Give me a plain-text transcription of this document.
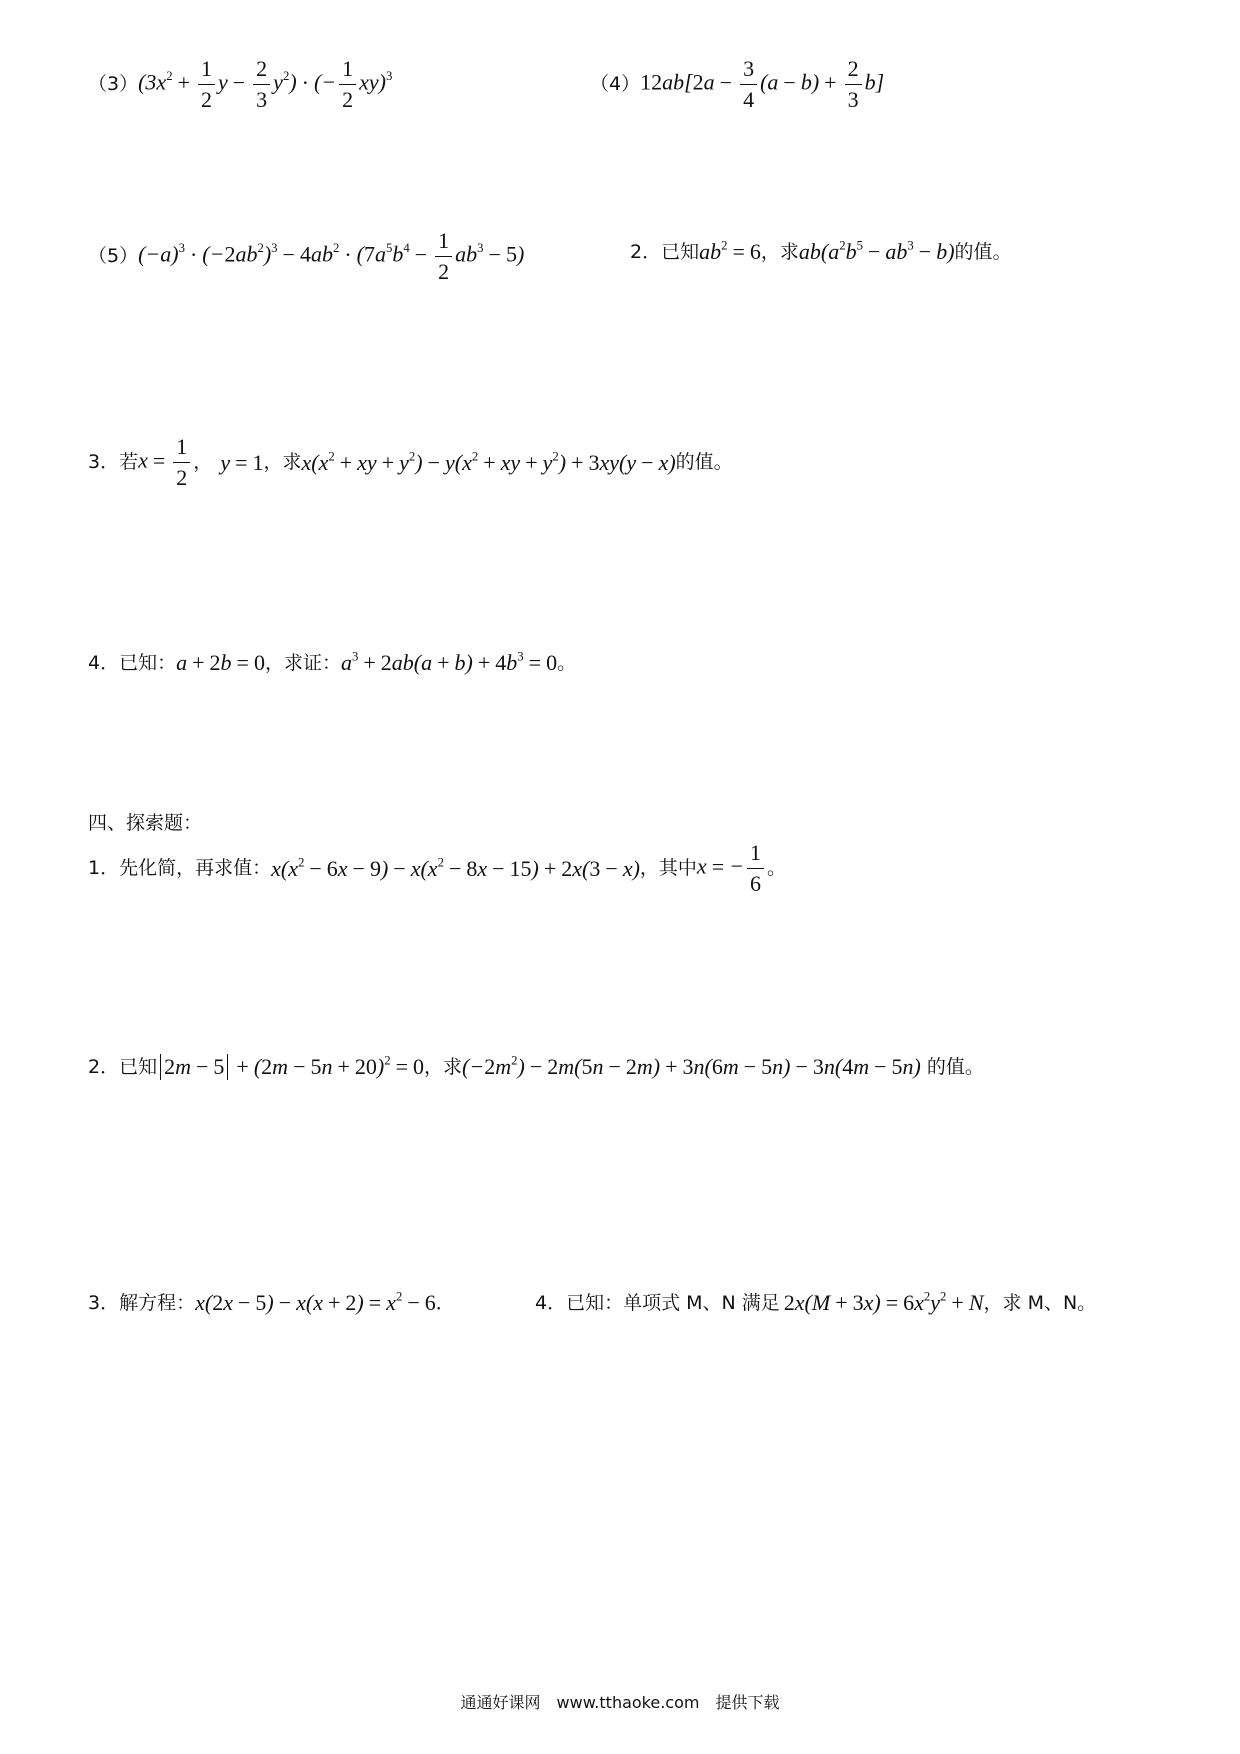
（3） ($3x^2 + \frac{1}{2}$ $y - \frac{2}{3} y^2$) · (− $\frac{1}{2} xy)^3$	（4） $12ab[2a - \frac{3}{4} (a - b) + \frac{2}{3} b]$
（5） $(-a)^3 \cdot (-2ab^2)^3 - 4ab^2 \cdot (7a^5b^4 - \frac{1}{2} ab^3 - 5)$	2． 已知 $ab^2 = 6$ ，求 $ab(a^2b^5 - ab^3 - b)$ 的值。
3． 若 $x = \frac{1}{2}$ ， y = 1 ，求 $x(x^2$ + xy + $y^2) - y(x^2$ + xy + $y^2) + 3xy(y - x)$ 的值。
4． 已知： a + 2b = 0 ，求证： $a^3 + 2ab(a + b) + 4b^3 = 0$ 。
四、探索题：
1． 先化简，再求值： $x(x^2 - 6x - 9) - x(x^2 - 8x - 15) + 2x(3 - x)$ ，其中 x = − $\frac{1}{6}$ 。
2． 已知 $2m - 5 + (2m - 5n + 20)^2 = 0$ ，求 $(-2m^2) - 2m(5n - 2m) + 3n(6m - 5n) - 3n(4m - 5n)$ 的值。
3． 解方程： $x(2x - 5) - x(x + 2) = x^2 - 6$ ．	4． 已知：单项式 M、N 满足 $2x(M + 3x) = 6x^2y^2 + N$ ，求 M、N。
通通好课网　www.tthaoke.com　提供下载
